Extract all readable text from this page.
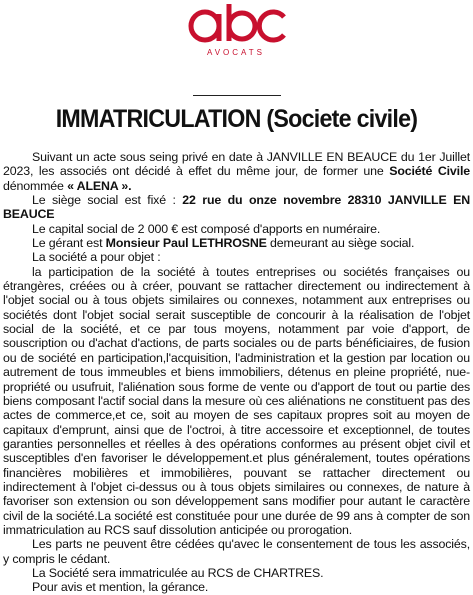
AVOCATS
IMMATRICULATION (Societe civile)

Suivant un acte sous seing privé en date à JANVILLE EN BEAUCE du 1er Juillet 2023, les associés ont décidé à effet du même jour, de former une Société Civile dénommée « ALENA ».

Le siège social est fixé : 22 rue du onze novembre 28310 JANVILLE EN BEAUCE

Le capital social de 2 000 € est composé d'apports en numéraire.

Le gérant est Monsieur Paul LETHROSNE demeurant au siège social.

La société a pour objet :

la participation de la société à toutes entreprises ou sociétés françaises ou étrangères, créées ou à créer, pouvant se rattacher directement ou indirectement à l'objet social ou à tous objets similaires ou connexes, notamment aux entreprises ou sociétés dont l'objet social serait susceptible de concourir à la réalisation de l'objet social de la société, et ce par tous moyens, notamment par voie d'apport, de souscription ou d'achat d'actions, de parts sociales ou de parts bénéficiaires, de fusion ou de société en participation,l'acquisition, l'administration et la gestion par location ou autrement de tous immeubles et biens immobiliers, détenus en pleine propriété, nue-propriété ou usufruit, l'aliénation sous forme de vente ou d'apport de tout ou partie des biens composant l'actif social dans la mesure où ces aliénations ne constituent pas des actes de commerce,et ce, soit au moyen de ses capitaux propres soit au moyen de capitaux d'emprunt, ainsi que de l'octroi, à titre accessoire et exceptionnel, de toutes garanties personnelles et réelles à des opérations conformes au présent objet civil et susceptibles d'en favoriser le développement.et plus généralement, toutes opérations financières mobilières et immobilières, pouvant se rattacher directement ou indirectement à l'objet ci-dessus ou à tous objets similaires ou connexes, de nature à favoriser son extension ou son développement sans modifier pour autant le caractère civil de la société.La société est constituée pour une durée de 99 ans à compter de son immatriculation au RCS sauf dissolution anticipée ou prorogation.

Les parts ne peuvent être cédées qu'avec le consentement de tous les associés, y compris le cédant.

La Société sera immatriculée au RCS de CHARTRES.

Pour avis et mention, la gérance.
